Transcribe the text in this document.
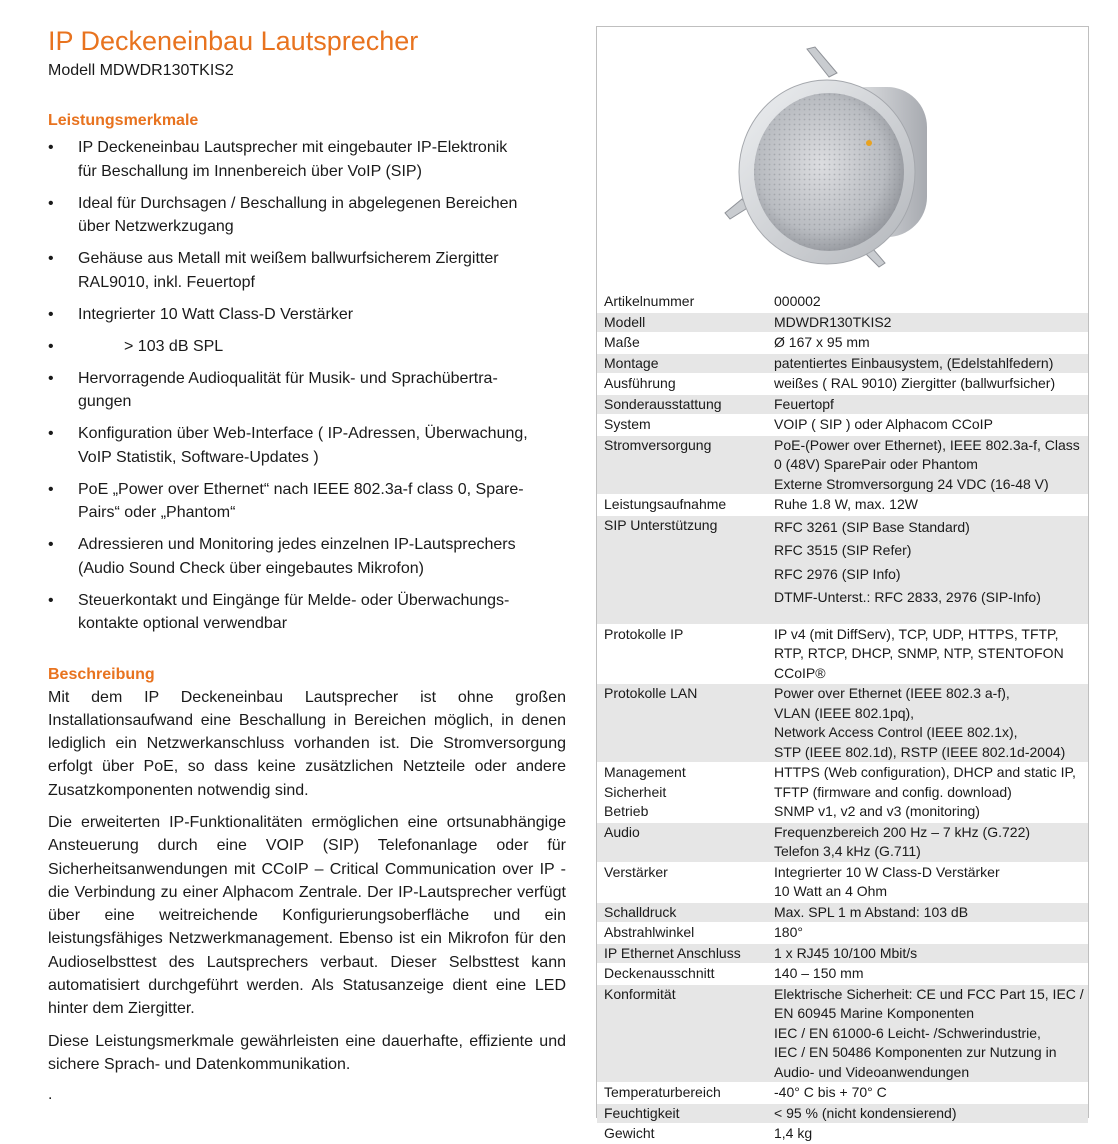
IP Deckeneinbau Lautsprecher
Modell MDWDR130TKIS2
Leistungsmerkmale
• IP Deckeneinbau Lautsprecher mit eingebauter IP-Elektronik
für Beschallung im Innenbereich über VoIP (SIP)
• Ideal für Durchsagen / Beschallung in abgelegenen Bereichen
über Netzwerkzugang
• Gehäuse aus Metall mit weißem ballwurfsicherem Ziergitter
RAL9010, inkl. Feuertopf
• Integrierter 10 Watt Class-D Verstärker
•	> 103 dB SPL
• Hervorragende Audioqualität für Musik- und Sprachübertra-
gungen
• Konfiguration über Web-Interface ( IP-Adressen, Überwachung,
VoIP Statistik, Software-Updates )
• PoE „Power over Ethernet“ nach IEEE 802.3a-f class 0, Spare-
Pairs“ oder „Phantom“
• Adressieren und Monitoring jedes einzelnen IP-Lautsprechers
(Audio Sound Check über eingebautes Mikrofon)
• Steuerkontakt und Eingänge für Melde- oder Überwachungs-
kontakte optional verwendbar
Beschreibung

Mit dem IP Deckeneinbau Lautsprecher ist ohne großen Installationsaufwand eine Beschallung in Bereichen möglich, in denen lediglich ein Netzwerkanschluss vorhanden ist. Die Stromversorgung erfolgt über PoE, so dass keine zusätzlichen Netzteile oder andere Zusatzkomponenten notwendig sind.

Die erweiterten IP-Funktionalitäten ermöglichen eine ortsunabhängige Ansteuerung durch eine VOIP (SIP) Telefonanlage oder für Sicherheitsanwendungen mit CCoIP – Critical Communication over IP - die Verbindung zu einer Alphacom Zentrale. Der IP-Lautsprecher verfügt über eine weitreichende Konfigurierungsoberfläche und ein leistungsfähiges Netzwerkmanagement. Ebenso ist ein Mikrofon für den Audioselbsttest des Lautsprechers verbaut. Dieser Selbsttest kann automatisiert durchgeführt werden. Als Statusanzeige dient eine LED hinter dem Ziergitter.

Diese Leistungsmerkmale gewährleisten eine dauerhafte, effiziente und sichere Sprach- und Datenkommunikation.

.
Artikelnummer	000002

Modell	MDWDR130TKIS2

Maße	Ø 167 x 95 mm

Montage	patentiertes Einbausystem, (Edelstahlfedern)

Ausführung	weißes ( RAL 9010) Ziergitter (ballwurfsicher)

Sonderausstattung	Feuertopf

System	VOIP ( SIP ) oder Alphacom CCoIP

Stromversorgung	PoE-(Power over Ethernet), IEEE 802.3a-f, Class
0 (48V) SparePair oder Phantom
Externe Stromversorgung 24 VDC (16-48 V)

Leistungsaufnahme	Ruhe 1.8 W, max. 12W

SIP Unterstützung	RFC 3261 (SIP Base Standard)
RFC 3515 (SIP Refer)
RFC 2976 (SIP Info)
DTMF-Unterst.: RFC 2833, 2976 (SIP-Info)

Protokolle IP	IP v4 (mit DiffServ), TCP, UDP, HTTPS, TFTP,
RTP, RTCP, DHCP, SNMP, NTP, STENTOFON
CCoIP®

Protokolle LAN	Power over Ethernet (IEEE 802.3 a-f),
VLAN (IEEE 802.1pq),
Network Access Control (IEEE 802.1x),
STP (IEEE 802.1d), RSTP (IEEE 802.1d-2004)

Management
Sicherheit
Betrieb	HTTPS (Web configuration), DHCP and static IP,
TFTP (firmware and config. download)
SNMP v1, v2 and v3 (monitoring)

Audio	Frequenzbereich 200 Hz – 7 kHz (G.722)
Telefon 3,4 kHz (G.711)

Verstärker	Integrierter 10 W Class-D Verstärker
10 Watt an 4 Ohm

Schalldruck	Max. SPL 1 m Abstand: 103 dB

Abstrahlwinkel	180°

IP Ethernet Anschluss	1 x RJ45 10/100 Mbit/s

Deckenausschnitt	140 – 150 mm

Konformität	Elektrische Sicherheit: CE und FCC Part 15, IEC /
EN 60945 Marine Komponenten
IEC / EN 61000-6 Leicht- /Schwerindustrie,
IEC / EN 50486 Komponenten zur Nutzung in
Audio- und Videoanwendungen

Temperaturbereich	-40° C bis + 70° C

Feuchtigkeit	< 95 % (nicht kondensierend)

Gewicht	1,4 kg
